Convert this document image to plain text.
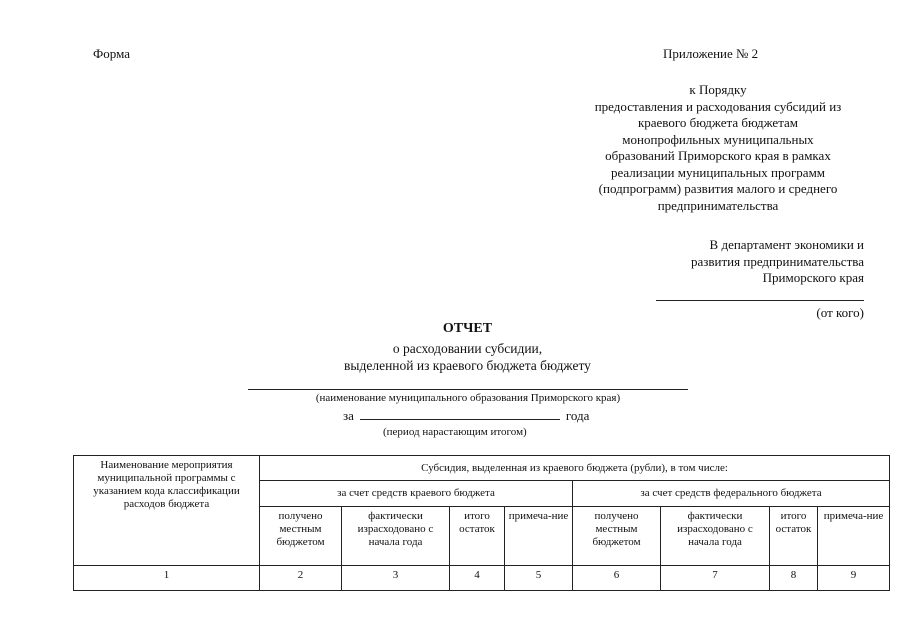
Форма	Приложение № 2
к Порядку
предоставления и расходования субсидий из
краевого бюджета бюджетам
монопрофильных муниципальных
образований Приморского края в рамках
реализации муниципальных программ
(подпрограмм) развития малого и среднего
предпринимательства
В департамент экономики и
развития предпринимательства
Приморского края
(от кого)
ОТЧЕТ
о расходовании субсидии,
выделенной из краевого бюджета бюджету
(наименование муниципального образования Приморского края)
за	года
(период нарастающим итогом)
Наименование мероприятия муниципальной программы с указанием кода классификации расходов бюджета	Субсидия, выделенная из краевого бюджета (рубли), в том числе:							
	за счет средств краевого бюджета				за счет средств федерального бюджета			
	получено местным бюджетом	фактически израсходовано с начала года	итого остаток	примеча-ние	получено местным бюджетом	фактически израсходовано с начала года	итого остаток	примеча-ние
1	2	3	4	5	6	7	8	9
